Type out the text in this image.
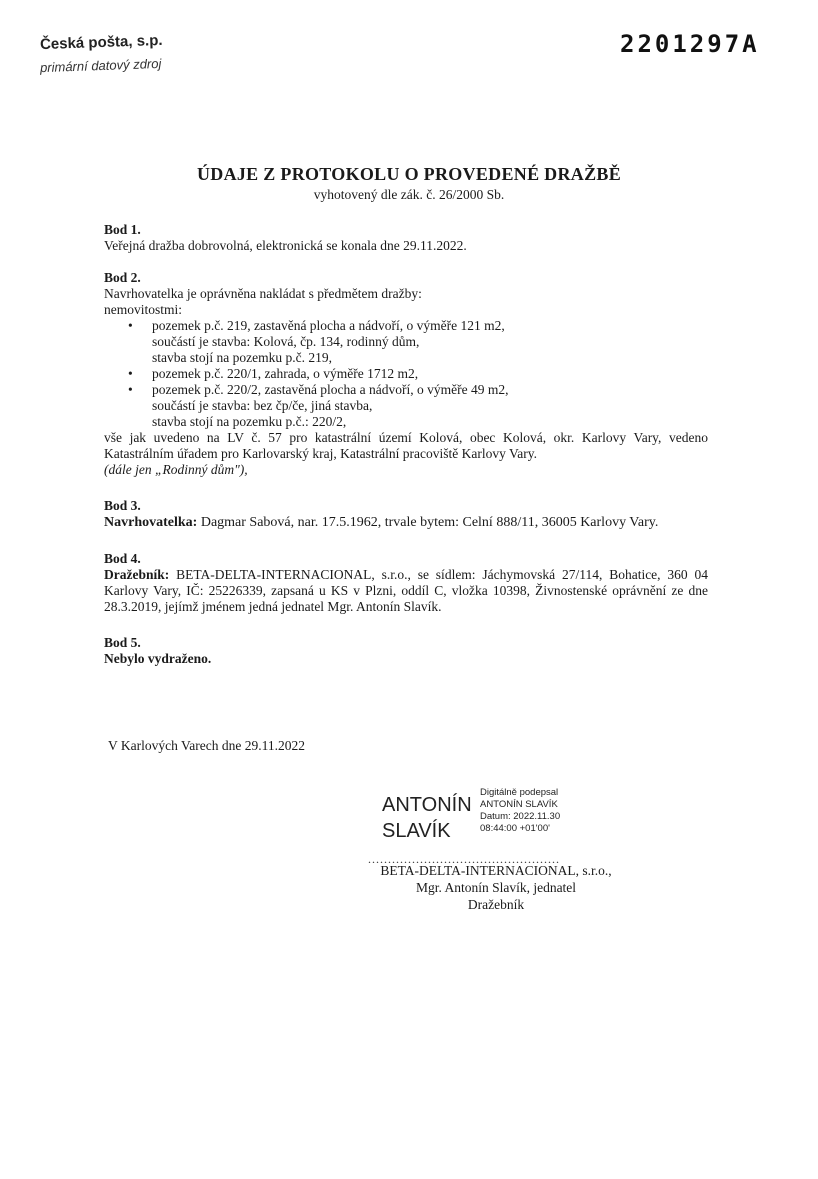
Česká pošta, s.p.
primární datový zdroj
2201297A
ÚDAJE Z PROTOKOLU O PROVEDENÉ DRAŽBĚ
vyhotovený dle zák. č. 26/2000 Sb.
Bod 1.
Veřejná dražba dobrovolná, elektronická se konala dne 29.11.2022.
Bod 2.
Navrhovatelka je oprávněna nakládat s předmětem dražby:
nemovitostmi:
• pozemek p.č. 219, zastavěná plocha a nádvoří, o výměře 121 m2,
součástí je stavba: Kolová, čp. 134, rodinný dům,
stavba stojí na pozemku p.č. 219,
• pozemek p.č. 220/1, zahrada, o výměře 1712 m2,
• pozemek p.č. 220/2, zastavěná plocha a nádvoří, o výměře 49 m2,
součástí je stavba: bez čp/če, jiná stavba,
stavba stojí na pozemku p.č.: 220/2,
vše jak uvedeno na LV č. 57 pro katastrální území Kolová, obec Kolová, okr. Karlovy Vary, vedeno Katastrálním úřadem pro Karlovarský kraj, Katastrální pracoviště Karlovy Vary.
(dále jen „Rodinný dům"),
Bod 3.
Navrhovatelka: Dagmar Sabová, nar. 17.5.1962, trvale bytem: Celní 888/11, 36005 Karlovy Vary.
Bod 4.
Dražebník: BETA-DELTA-INTERNACIONAL, s.r.o., se sídlem: Jáchymovská 27/114, Bohatice, 360 04 Karlovy Vary, IČ: 25226339, zapsaná u KS v Plzni, oddíl C, vložka 10398, Živnostenské oprávnění ze dne 28.3.2019, jejímž jménem jedná jednatel Mgr. Antonín Slavík.
Bod 5.
Nebylo vydraženo.
V Karlových Varech dne 29.11.2022
ANTONÍN
SLAVÍK
Digitálně podepsal
ANTONÍN SLAVÍK
Datum: 2022.11.30
08:44:00 +01'00'
................................................
BETA-DELTA-INTERNACIONAL, s.r.o.,
Mgr. Antonín Slavík, jednatel
Dražebník
